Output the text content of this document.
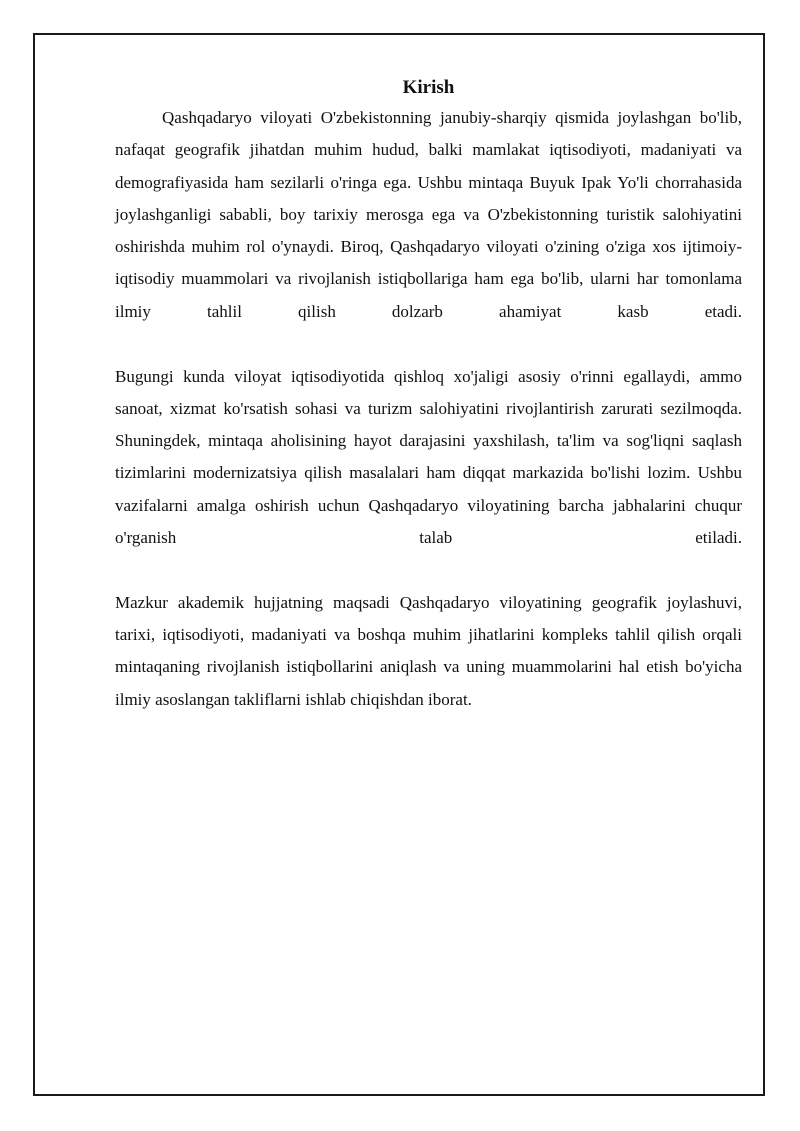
Kirish

Qashqadaryo viloyati O'zbekistonning janubiy-sharqiy qismida joylashgan bo'lib, nafaqat geografik jihatdan muhim hudud, balki mamlakat iqtisodiyoti, madaniyati va demografiyasida ham sezilarli o'ringa ega. Ushbu mintaqa Buyuk Ipak Yo'li chorrahasida joylashganligi sababli, boy tarixiy merosga ega va O'zbekistonning turistik salohiyatini oshirishda muhim rol o'ynaydi. Biroq, Qashqadaryo viloyati o'zining o'ziga xos ijtimoiy-iqtisodiy muammolari va rivojlanish istiqbollariga ham ega bo'lib, ularni har tomonlama ilmiy tahlil qilish dolzarb ahamiyat kasb etadi.

Bugungi kunda viloyat iqtisodiyotida qishloq xo'jaligi asosiy o'rinni egallaydi, ammo sanoat, xizmat ko'rsatish sohasi va turizm salohiyatini rivojlantirish zarurati sezilmoqda. Shuningdek, mintaqa aholisining hayot darajasini yaxshilash, ta'lim va sog'liqni saqlash tizimlarini modernizatsiya qilish masalalari ham diqqat markazida bo'lishi lozim. Ushbu vazifalarni amalga oshirish uchun Qashqadaryo viloyatining barcha jabhalarini chuqur o'rganish talab etiladi.

Mazkur akademik hujjatning maqsadi Qashqadaryo viloyatining geografik joylashuvi, tarixi, iqtisodiyoti, madaniyati va boshqa muhim jihatlarini kompleks tahlil qilish orqali mintaqaning rivojlanish istiqbollarini aniqlash va uning muammolarini hal etish bo'yicha ilmiy asoslangan takliflarni ishlab chiqishdan iborat.
